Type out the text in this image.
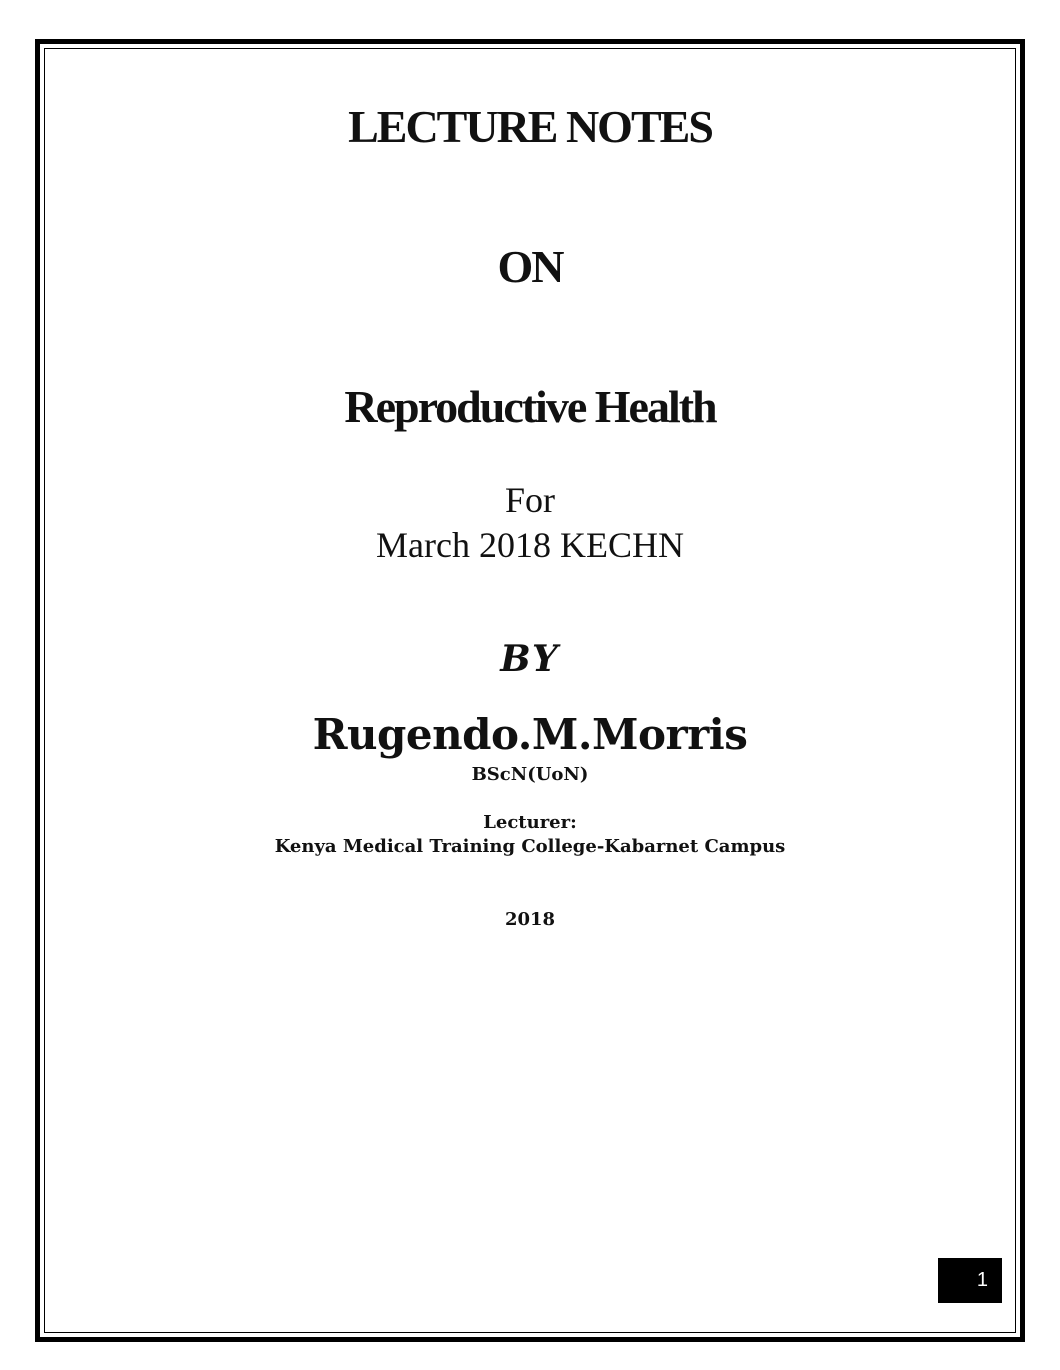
LECTURE NOTES
ON
Reproductive Health
For
March 2018 KECHN
BY
Rugendo.M.Morris
BScN(UoN)
Lecturer:
Kenya Medical Training College-Kabarnet Campus
2018
1
